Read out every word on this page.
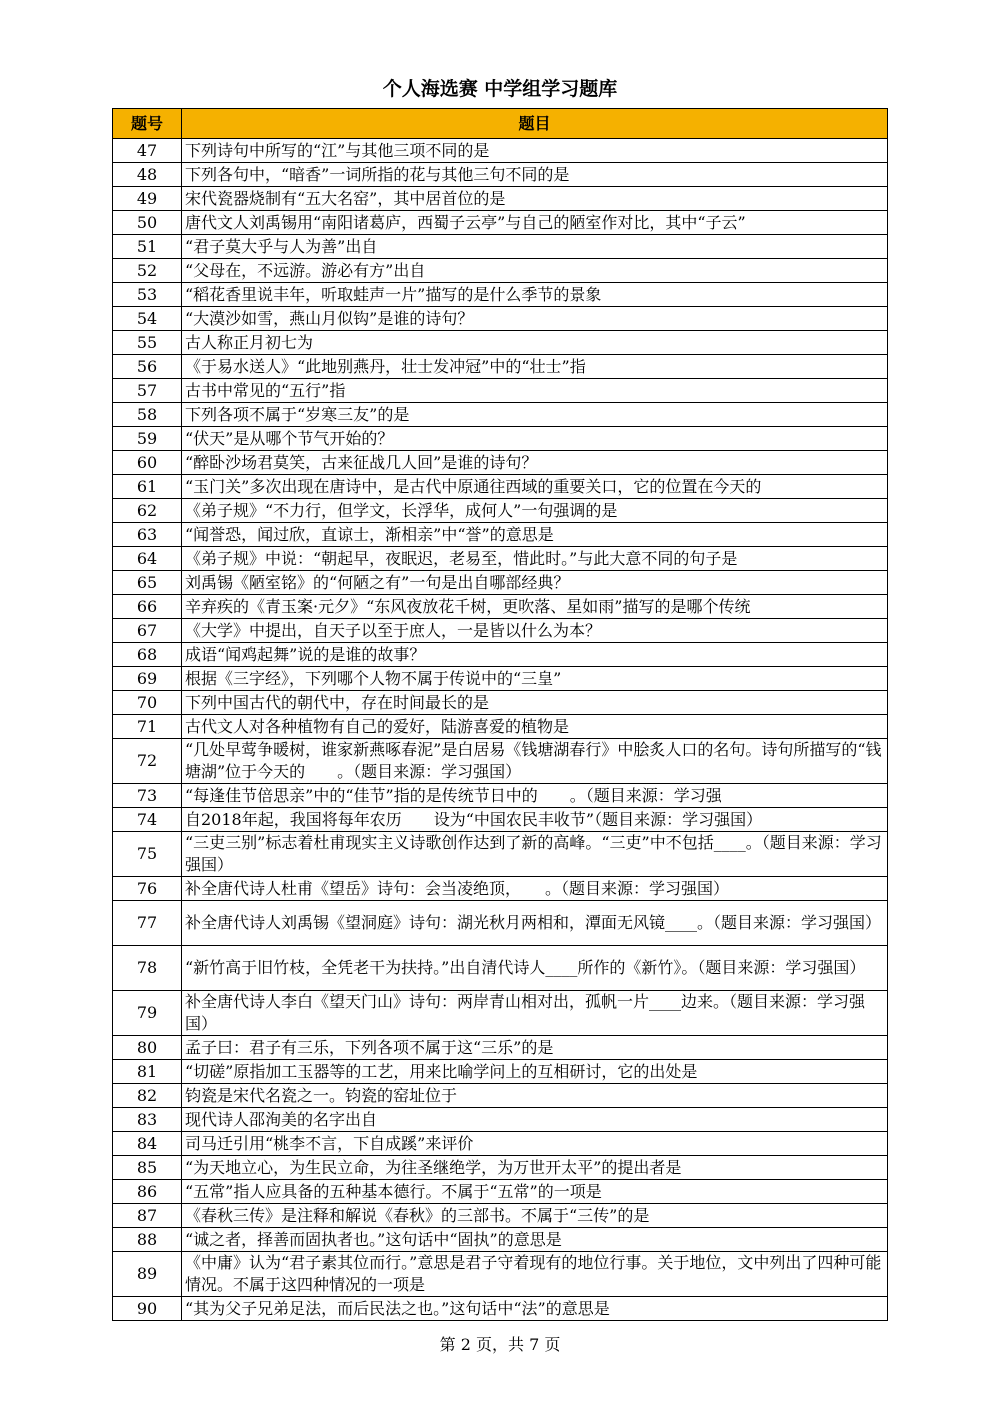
个人海选赛 中学组学习题库
题号	题目
47	下列诗句中所写的“江”与其他三项不同的是
48	下列各句中，“暗香”一词所指的花与其他三句不同的是
49	宋代瓷器烧制有“五大名窑”，其中居首位的是
50	唐代文人刘禹锡用“南阳诸葛庐，西蜀子云亭”与自己的陋室作对比，其中“子云”
51	“君子莫大乎与人为善”出自
52	“父母在，不远游。游必有方”出自
53	“稻花香里说丰年，听取蛙声一片”描写的是什么季节的景象
54	“大漠沙如雪，燕山月似钩”是谁的诗句？
55	古人称正月初七为
56	《于易水送人》“此地别燕丹，壮士发冲冠”中的“壮士”指
57	古书中常见的“五行”指
58	下列各项不属于“岁寒三友”的是
59	“伏天”是从哪个节气开始的？
60	“醉卧沙场君莫笑，古来征战几人回”是谁的诗句？
61	“玉门关”多次出现在唐诗中，是古代中原通往西域的重要关口，它的位置在今天的
62	《弟子规》“不力行，但学文，长浮华，成何人”一句强调的是
63	“闻誉恐，闻过欣，直谅士，渐相亲”中“誉”的意思是
64	《弟子规》中说：“朝起早，夜眠迟，老易至，惜此时。”与此大意不同的句子是
65	刘禹锡《陋室铭》的“何陋之有”一句是出自哪部经典？
66	辛弃疾的《青玉案·元夕》“东风夜放花千树，更吹落、星如雨”描写的是哪个传统
67	《大学》中提出，自天子以至于庶人，一是皆以什么为本？
68	成语“闻鸡起舞”说的是谁的故事？
69	根据《三字经》，下列哪个人物不属于传说中的“三皇”
70	下列中国古代的朝代中，存在时间最长的是
71	古代文人对各种植物有自己的爱好，陆游喜爱的植物是
72	“几处早莺争暖树，谁家新燕啄春泥”是白居易《钱塘湖春行》中脍炙人口的名句。诗句所描写的“钱塘湖”位于今天的　　。（题目来源：学习强国）
73	“每逢佳节倍思亲”中的“佳节”指的是传统节日中的　　。（题目来源：学习强
74	自2018年起，我国将每年农历　　设为“中国农民丰收节”（题目来源：学习强国）
75	“三吏三别”标志着杜甫现实主义诗歌创作达到了新的高峰。“三吏”中不包括____。（题目来源：学习强国）
76	补全唐代诗人杜甫《望岳》诗句：会当凌绝顶，　　。（题目来源：学习强国）
77	补全唐代诗人刘禹锡《望洞庭》诗句：湖光秋月两相和，潭面无风镜____。（题目来源：学习强国）
78	“新竹高于旧竹枝，全凭老干为扶持。”出自清代诗人____所作的《新竹》。（题目来源：学习强国）
79	补全唐代诗人李白《望天门山》诗句：两岸青山相对出，孤帆一片____边来。（题目来源：学习强国）
80	孟子曰：君子有三乐，下列各项不属于这“三乐”的是
81	“切磋”原指加工玉器等的工艺，用来比喻学问上的互相研讨，它的出处是
82	钧瓷是宋代名瓷之一。钧瓷的窑址位于
83	现代诗人邵洵美的名字出自
84	司马迁引用“桃李不言，下自成蹊”来评价
85	“为天地立心，为生民立命，为往圣继绝学，为万世开太平”的提出者是
86	“五常”指人应具备的五种基本德行。不属于“五常”的一项是
87	《春秋三传》是注释和解说《春秋》的三部书。不属于“三传”的是
88	“诚之者，择善而固执者也。”这句话中“固执”的意思是
89	《中庸》认为“君子素其位而行。”意思是君子守着现有的地位行事。关于地位，文中列出了四种可能情况。不属于这四种情况的一项是
90	“其为父子兄弟足法，而后民法之也。”这句话中“法”的意思是
第 2 页，共 7 页
